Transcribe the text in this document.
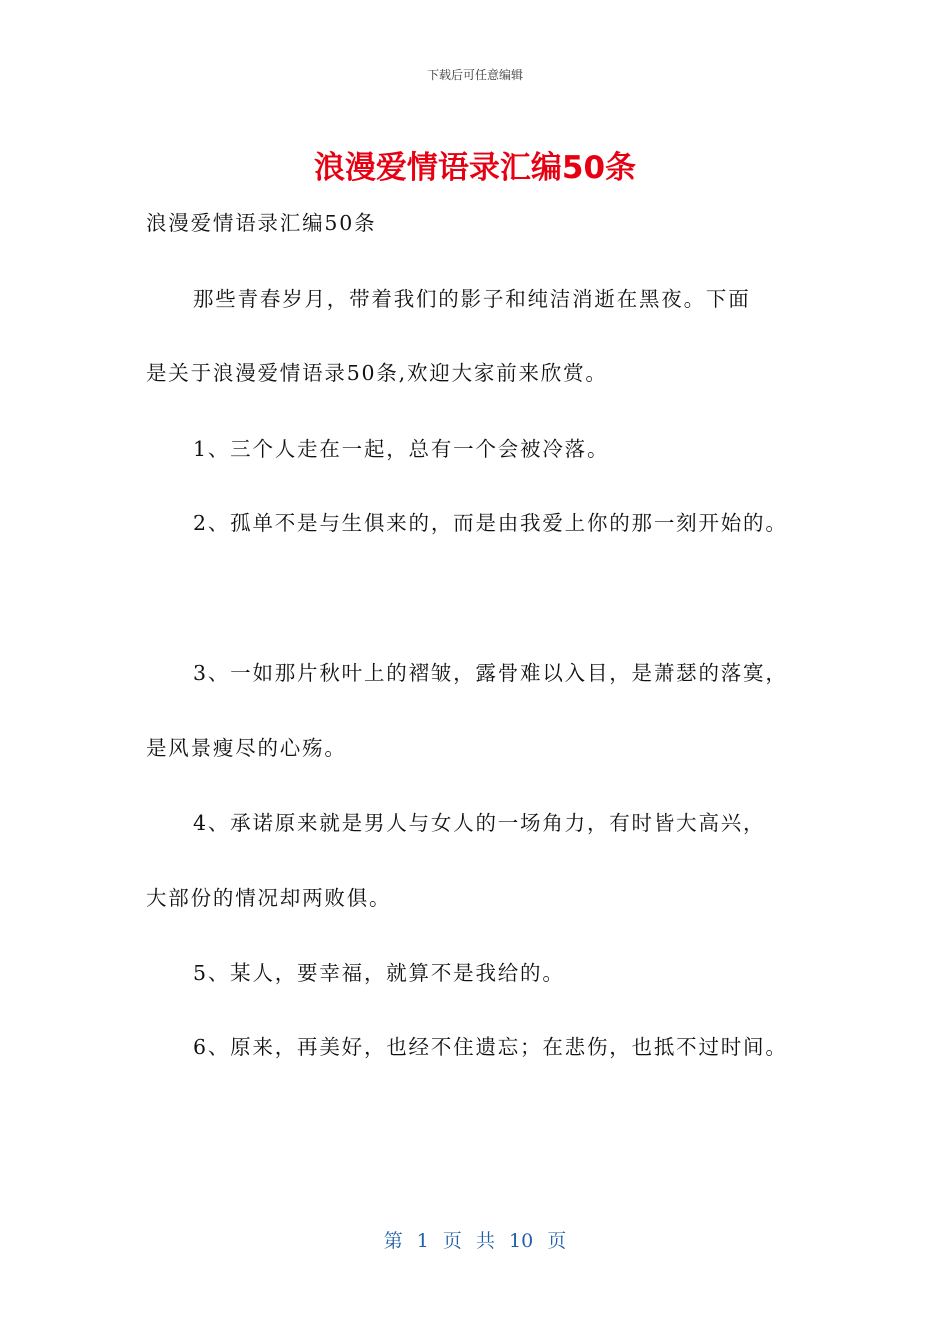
下载后可任意编辑
浪漫爱情语录汇编50条
浪漫爱情语录汇编50条
那些青春岁月，带着我们的影子和纯洁消逝在黑夜。下面
是关于浪漫爱情语录50条,欢迎大家前来欣赏。
1、三个人走在一起，总有一个会被冷落。
2、孤单不是与生俱来的，而是由我爱上你的那一刻开始的。
3、一如那片秋叶上的褶皱，露骨难以入目，是萧瑟的落寞，
是风景瘦尽的心殇。
4、承诺原来就是男人与女人的一场角力，有时皆大高兴，
大部份的情况却两败俱。
5、某人，要幸福，就算不是我给的。
6、原来，再美好，也经不住遗忘；在悲伤，也抵不过时间。
第 1 页 共 10 页
